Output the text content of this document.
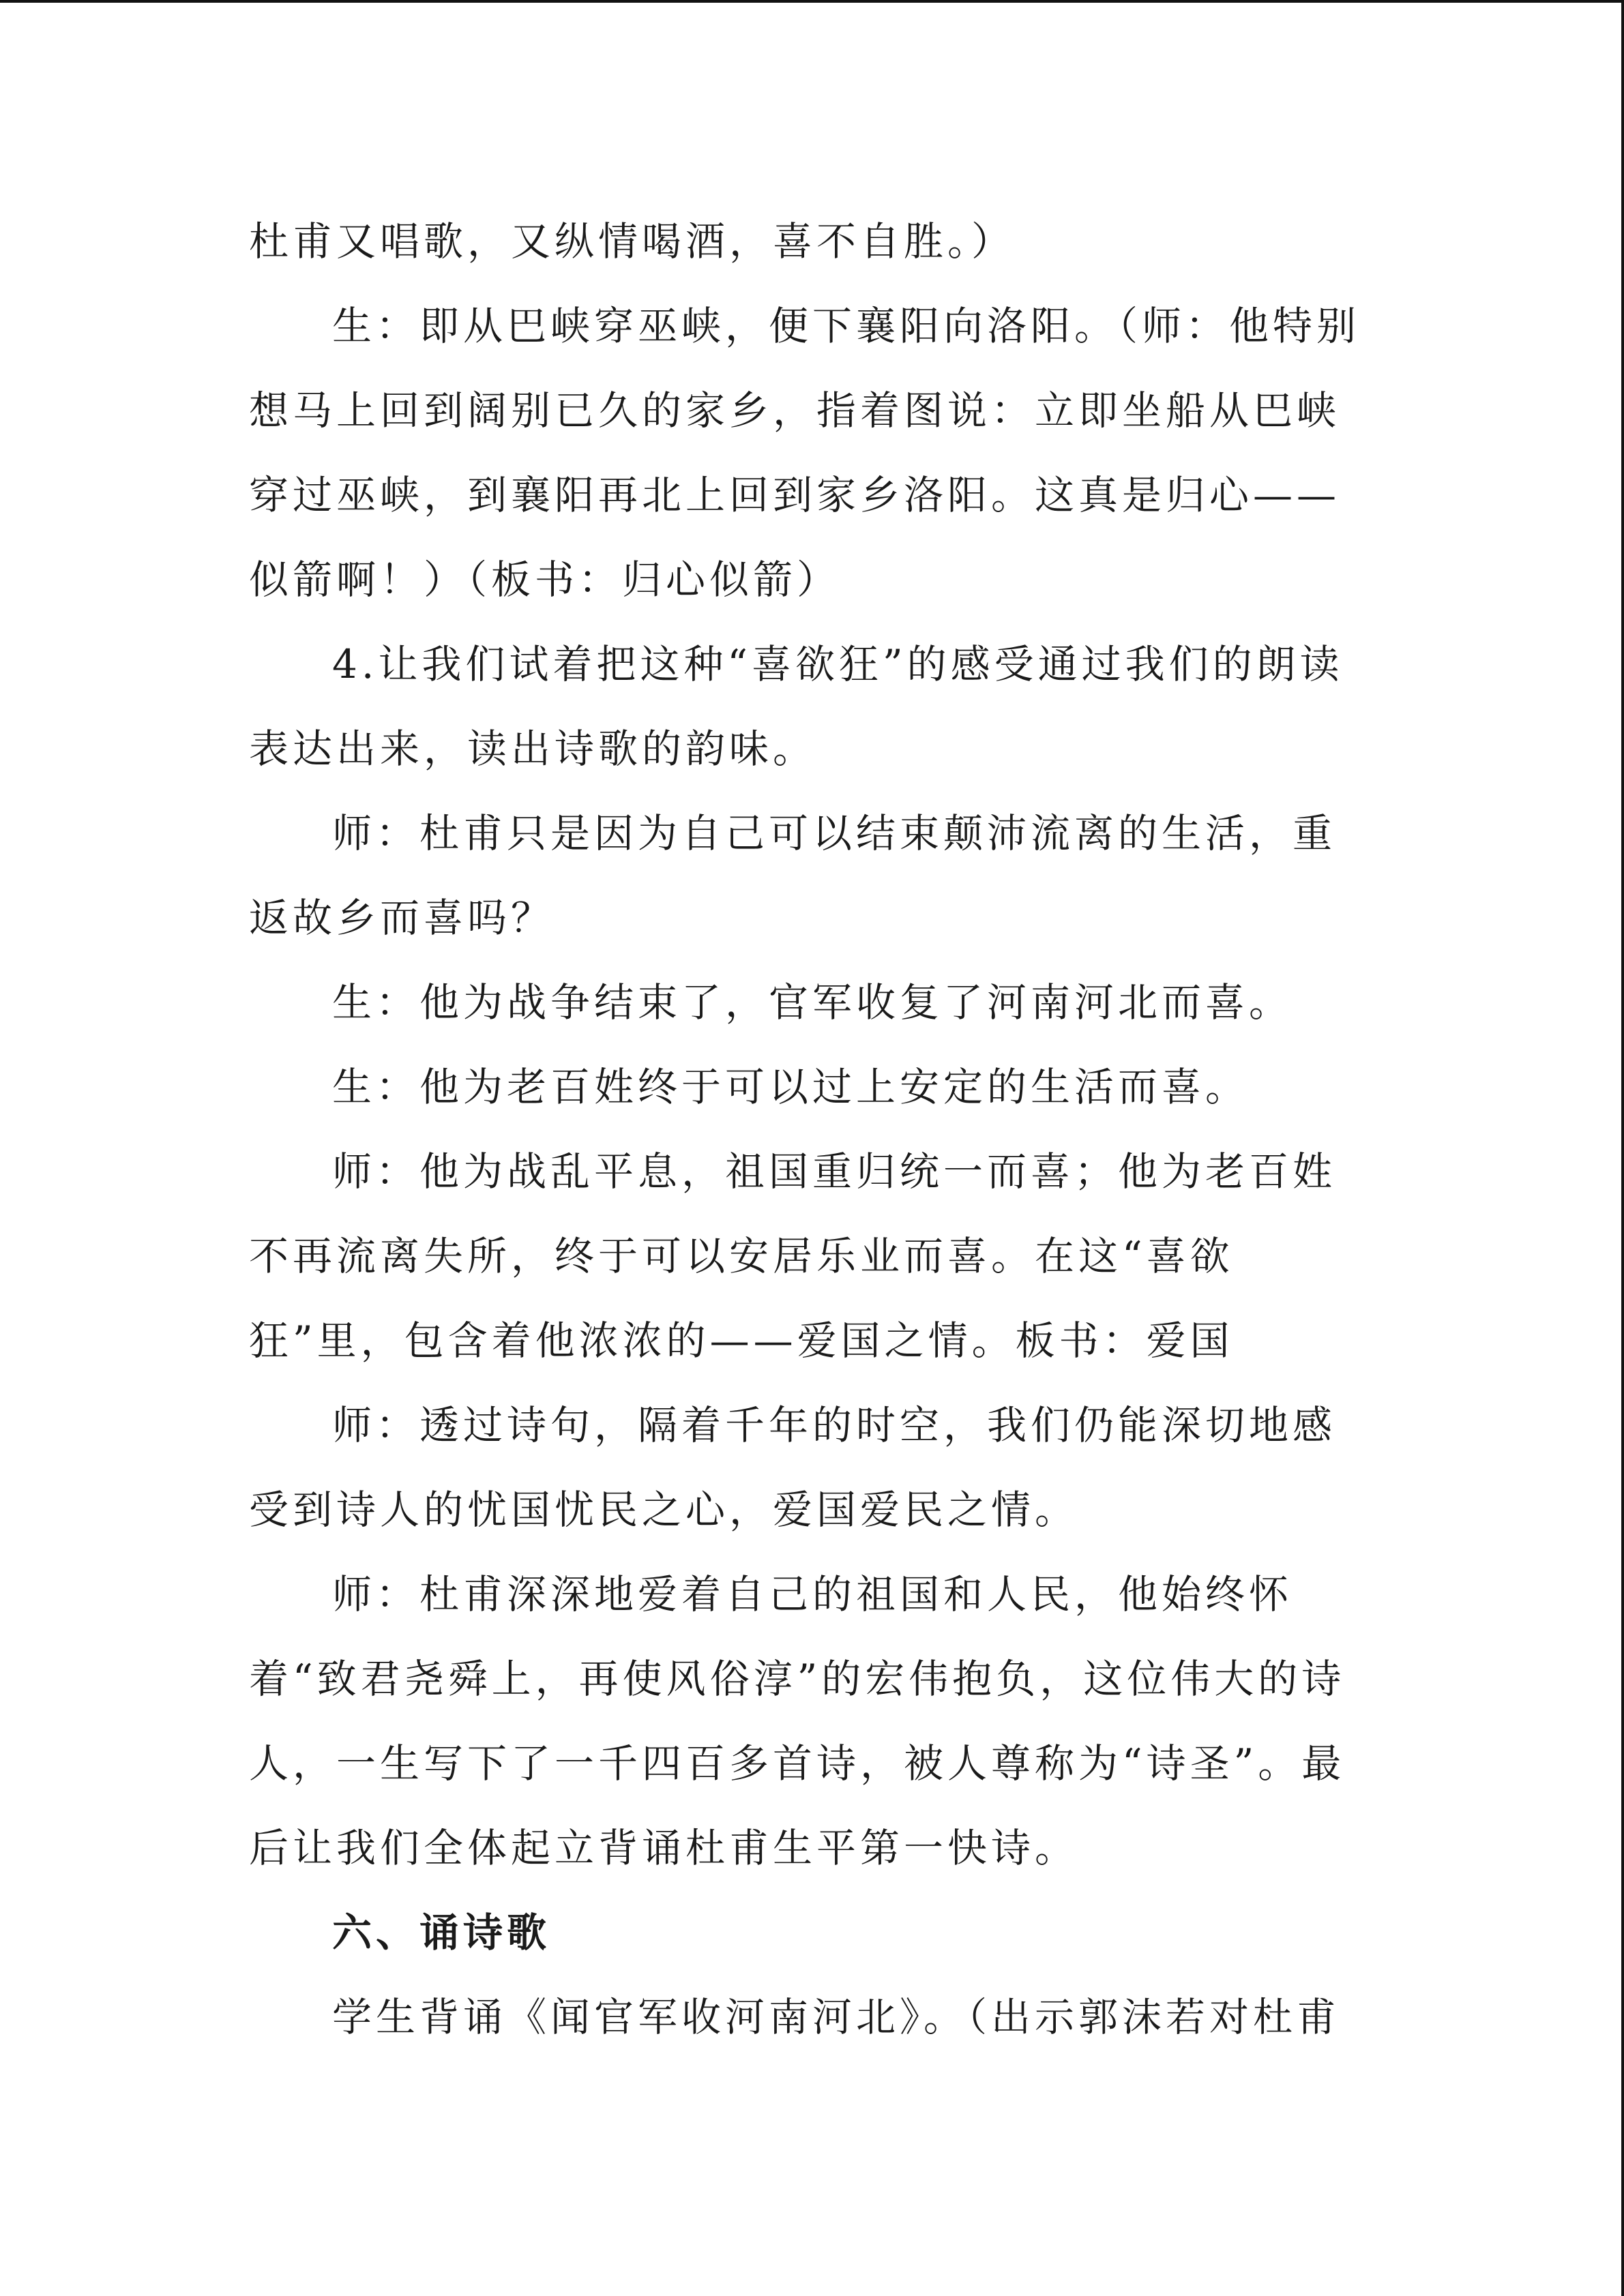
杜甫又唱歌，又纵情喝酒，喜不自胜。）

生：即从巴峡穿巫峡，便下襄阳向洛阳。（师：他特别想马上回到阔别已久的家乡，指着图说：立即坐船从巴峡穿过巫峡，到襄阳再北上回到家乡洛阳。这真是归心——似箭啊！）（板书：归心似箭）

4.让我们试着把这种“喜欲狂”的感受通过我们的朗读表达出来，读出诗歌的韵味。

师：杜甫只是因为自己可以结束颠沛流离的生活，重返故乡而喜吗？

生：他为战争结束了，官军收复了河南河北而喜。

生：他为老百姓终于可以过上安定的生活而喜。

师：他为战乱平息，祖国重归统一而喜；他为老百姓不再流离失所，终于可以安居乐业而喜。在这“喜欲狂”里，包含着他浓浓的——爱国之情。板书：爱国

师：透过诗句，隔着千年的时空，我们仍能深切地感受到诗人的忧国忧民之心，爱国爱民之情。

师：杜甫深深地爱着自己的祖国和人民，他始终怀着“致君尧舜上，再使风俗淳”的宏伟抱负，这位伟大的诗人，一生写下了一千四百多首诗，被人尊称为“诗圣”。最后让我们全体起立背诵杜甫生平第一快诗。

六、诵诗歌

学生背诵《闻官军收河南河北》。（出示郭沫若对杜甫
